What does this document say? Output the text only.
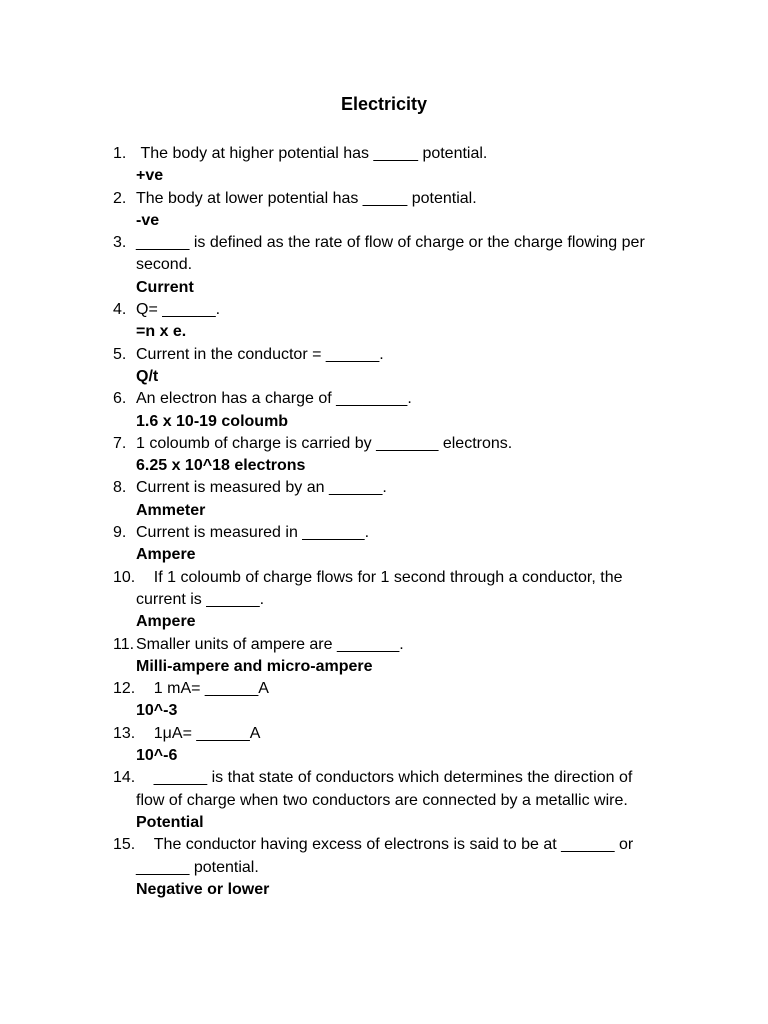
Electricity
1. The body at higher potential has _____ potential.
+ve
2. The body at lower potential has _____ potential.
-ve
3. ______ is defined as the rate of flow of charge or the charge flowing per second.
Current
4. Q= ______.
=n x e.
5. Current in the conductor = ______.
Q/t
6. An electron has a charge of ________.
1.6 x 10-19 coloumb
7. 1 coloumb of charge is carried by _______ electrons.
6.25 x 10^18 electrons
8. Current is measured by an ______.
Ammeter
9. Current is measured in _______.
Ampere
10. If 1 coloumb of charge flows for 1 second through a conductor, the current is ______.
Ampere
11. Smaller units of ampere are _______.
Milli-ampere and micro-ampere
12. 1 mA= ______A
10^-3
13. 1μA= ______A
10^-6
14. ______ is that state of conductors which determines the direction of flow of charge when two conductors are connected by a metallic wire.
Potential
15. The conductor having excess of electrons is said to be at ______ or ______ potential.
Negative or lower
